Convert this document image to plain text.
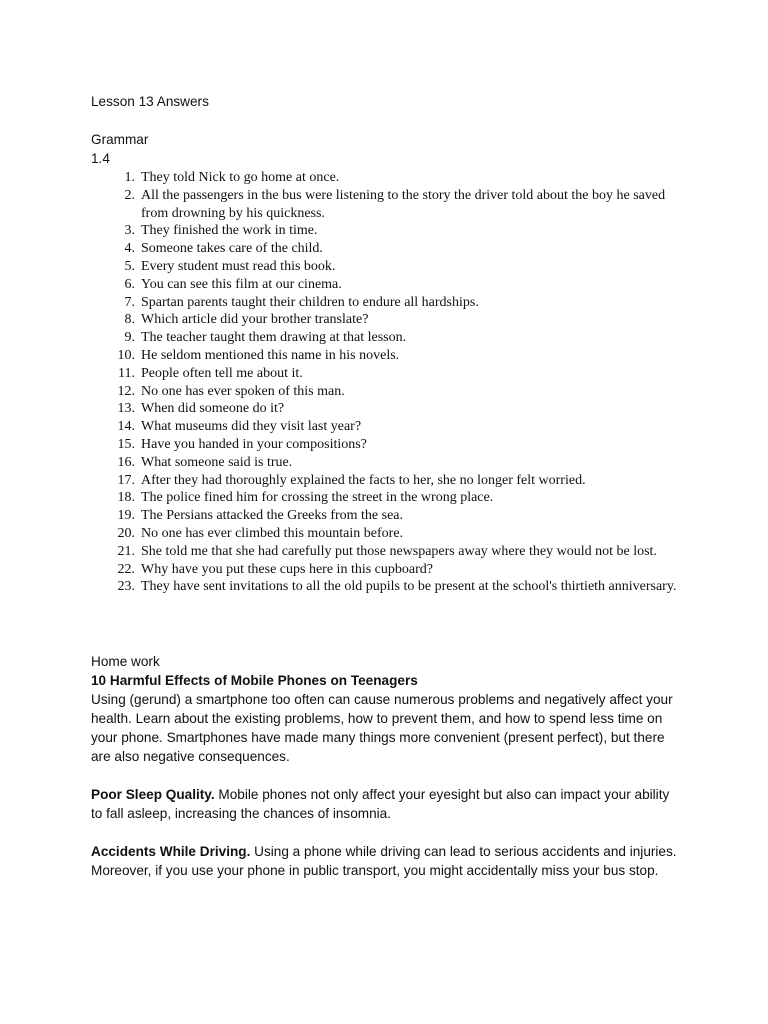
Lesson 13 Answers
Grammar
1.4
1. They told Nick to go home at once.
2. All the passengers in the bus were listening to the story the driver told about the boy he saved from drowning by his quickness.
3. They finished the work in time.
4. Someone takes care of the child.
5. Every student must read this book.
6. You can see this film at our cinema.
7. Spartan parents taught their children to endure all hardships.
8. Which article did your brother translate?
9. The teacher taught them drawing at that lesson.
10. He seldom mentioned this name in his novels.
11. People often tell me about it.
12. No one has ever spoken of this man.
13. When did someone do it?
14. What museums did they visit last year?
15. Have you handed in your compositions?
16. What someone said is true.
17. After they had thoroughly explained the facts to her, she no longer felt worried.
18. The police fined him for crossing the street in the wrong place.
19. The Persians attacked the Greeks from the sea.
20. No one has ever climbed this mountain before.
21. She told me that she had carefully put those newspapers away where they would not be lost.
22. Why have you put these cups here in this cupboard?
23. They have sent invitations to all the old pupils to be present at the school's thirtieth anniversary.
Home work
10 Harmful Effects of Mobile Phones on Teenagers
Using (gerund) a smartphone too often can cause numerous problems and negatively affect your health. Learn about the existing problems, how to prevent them, and how to spend less time on your phone. Smartphones have made many things more convenient (present perfect), but there are also negative consequences.
Poor Sleep Quality. Mobile phones not only affect your eyesight but also can impact your ability to fall asleep, increasing the chances of insomnia.
Accidents While Driving. Using a phone while driving can lead to serious accidents and injuries. Moreover, if you use your phone in public transport, you might accidentally miss your bus stop.
